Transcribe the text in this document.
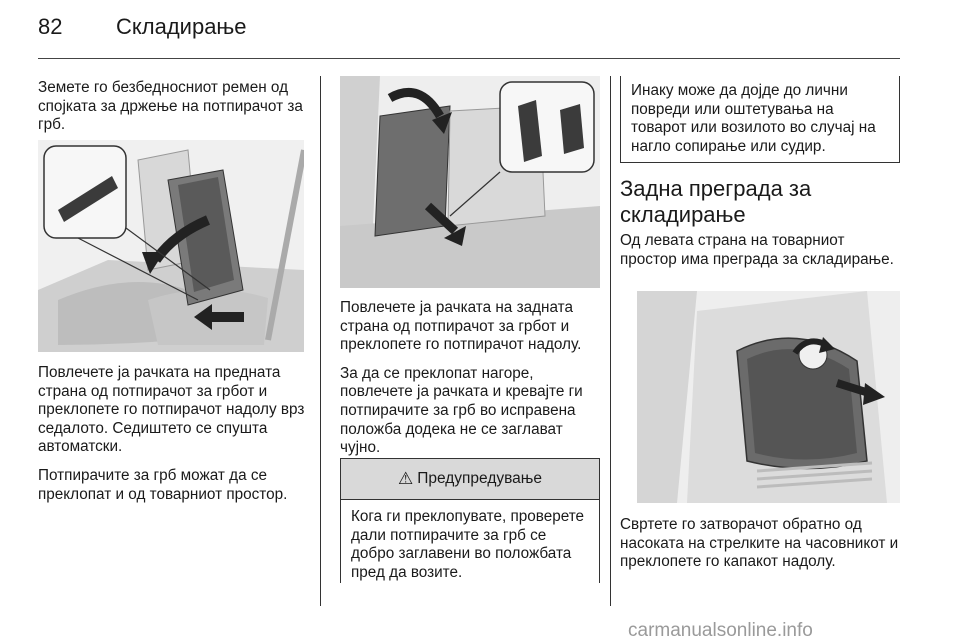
82 Складирање
Земете го безбедносниот ремен од спојката за држење на потпирачот за грб.

Повлечете ја рачката на предната страна од потпирачот за грбот и преклопете го потпирачот надолу врз седалото. Седиштето се спушта автоматски.

Потпирачите за грб можат да се преклопат и од товарниот простор.

Повлечете ја рачката на задната страна од потпирачот за грбот и преклопете го потпирачот надолу.

За да се преклопат нагоре, повлечете ја рачката и кревајте ги потпирачите за грб во исправена положба додека не се заглават чујно.

⚠ Предупредување
Кога ги преклопувате, проверете дали потпирачите за грб се добро заглавени во положбата пред да возите.
Инаку може да дојде до лични повреди или оштетувања на товарот или возилото во случај на нагло сопирање или судир.
Задна преграда за складирање
Од левата страна на товарниот простор има преграда за складирање.
Свртете го затворачот обратно од насоката на стрелките на часовникот и преклопете го капакот надолу.
carmanualsonline.info
